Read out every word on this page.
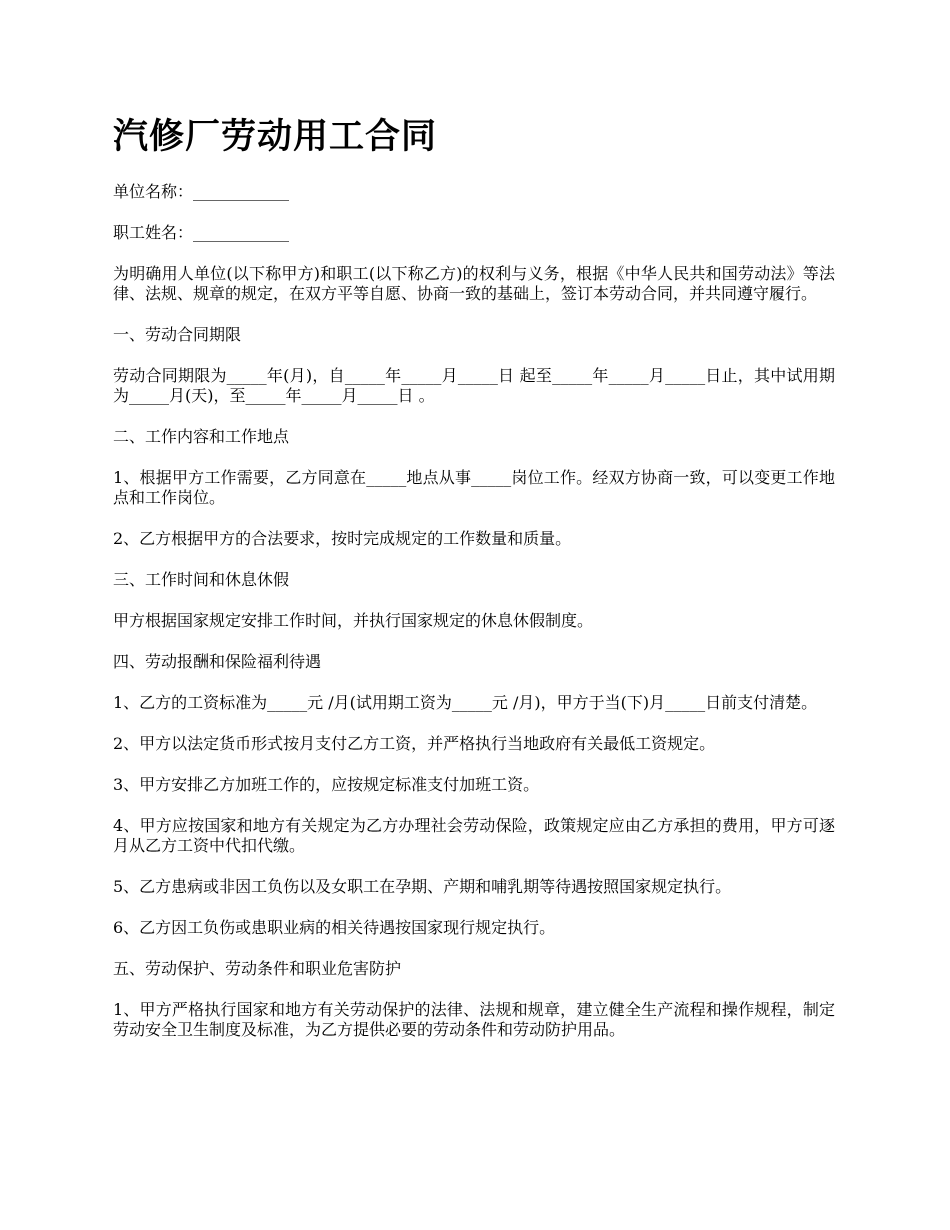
汽修厂劳动用工合同

单位名称：____________

职工姓名：____________

为明确用人单位(以下称甲方)和职工(以下称乙方)的权利与义务，根据《中华人民共和国劳动法》等法律、法规、规章的规定，在双方平等自愿、协商一致的基础上，签订本劳动合同，并共同遵守履行。

一、劳动合同期限

劳动合同期限为_____年(月)，自_____年_____月_____日 起至_____年_____月_____日止，其中试用期为_____月(天)，至_____年_____月_____日 。

二、工作内容和工作地点

1、根据甲方工作需要，乙方同意在_____地点从事_____岗位工作。经双方协商一致，可以变更工作地点和工作岗位。

2、乙方根据甲方的合法要求，按时完成规定的工作数量和质量。

三、工作时间和休息休假

甲方根据国家规定安排工作时间，并执行国家规定的休息休假制度。

四、劳动报酬和保险福利待遇

1、乙方的工资标准为_____元 /月(试用期工资为_____元 /月)，甲方于当(下)月_____日前支付清楚。

2、甲方以法定货币形式按月支付乙方工资，并严格执行当地政府有关最低工资规定。

3、甲方安排乙方加班工作的，应按规定标准支付加班工资。

4、甲方应按国家和地方有关规定为乙方办理社会劳动保险，政策规定应由乙方承担的费用，甲方可逐月从乙方工资中代扣代缴。

5、乙方患病或非因工负伤以及女职工在孕期、产期和哺乳期等待遇按照国家规定执行。

6、乙方因工负伤或患职业病的相关待遇按国家现行规定执行。

五、劳动保护、劳动条件和职业危害防护

1、甲方严格执行国家和地方有关劳动保护的法律、法规和规章，建立健全生产流程和操作规程，制定劳动安全卫生制度及标准，为乙方提供必要的劳动条件和劳动防护用品。
